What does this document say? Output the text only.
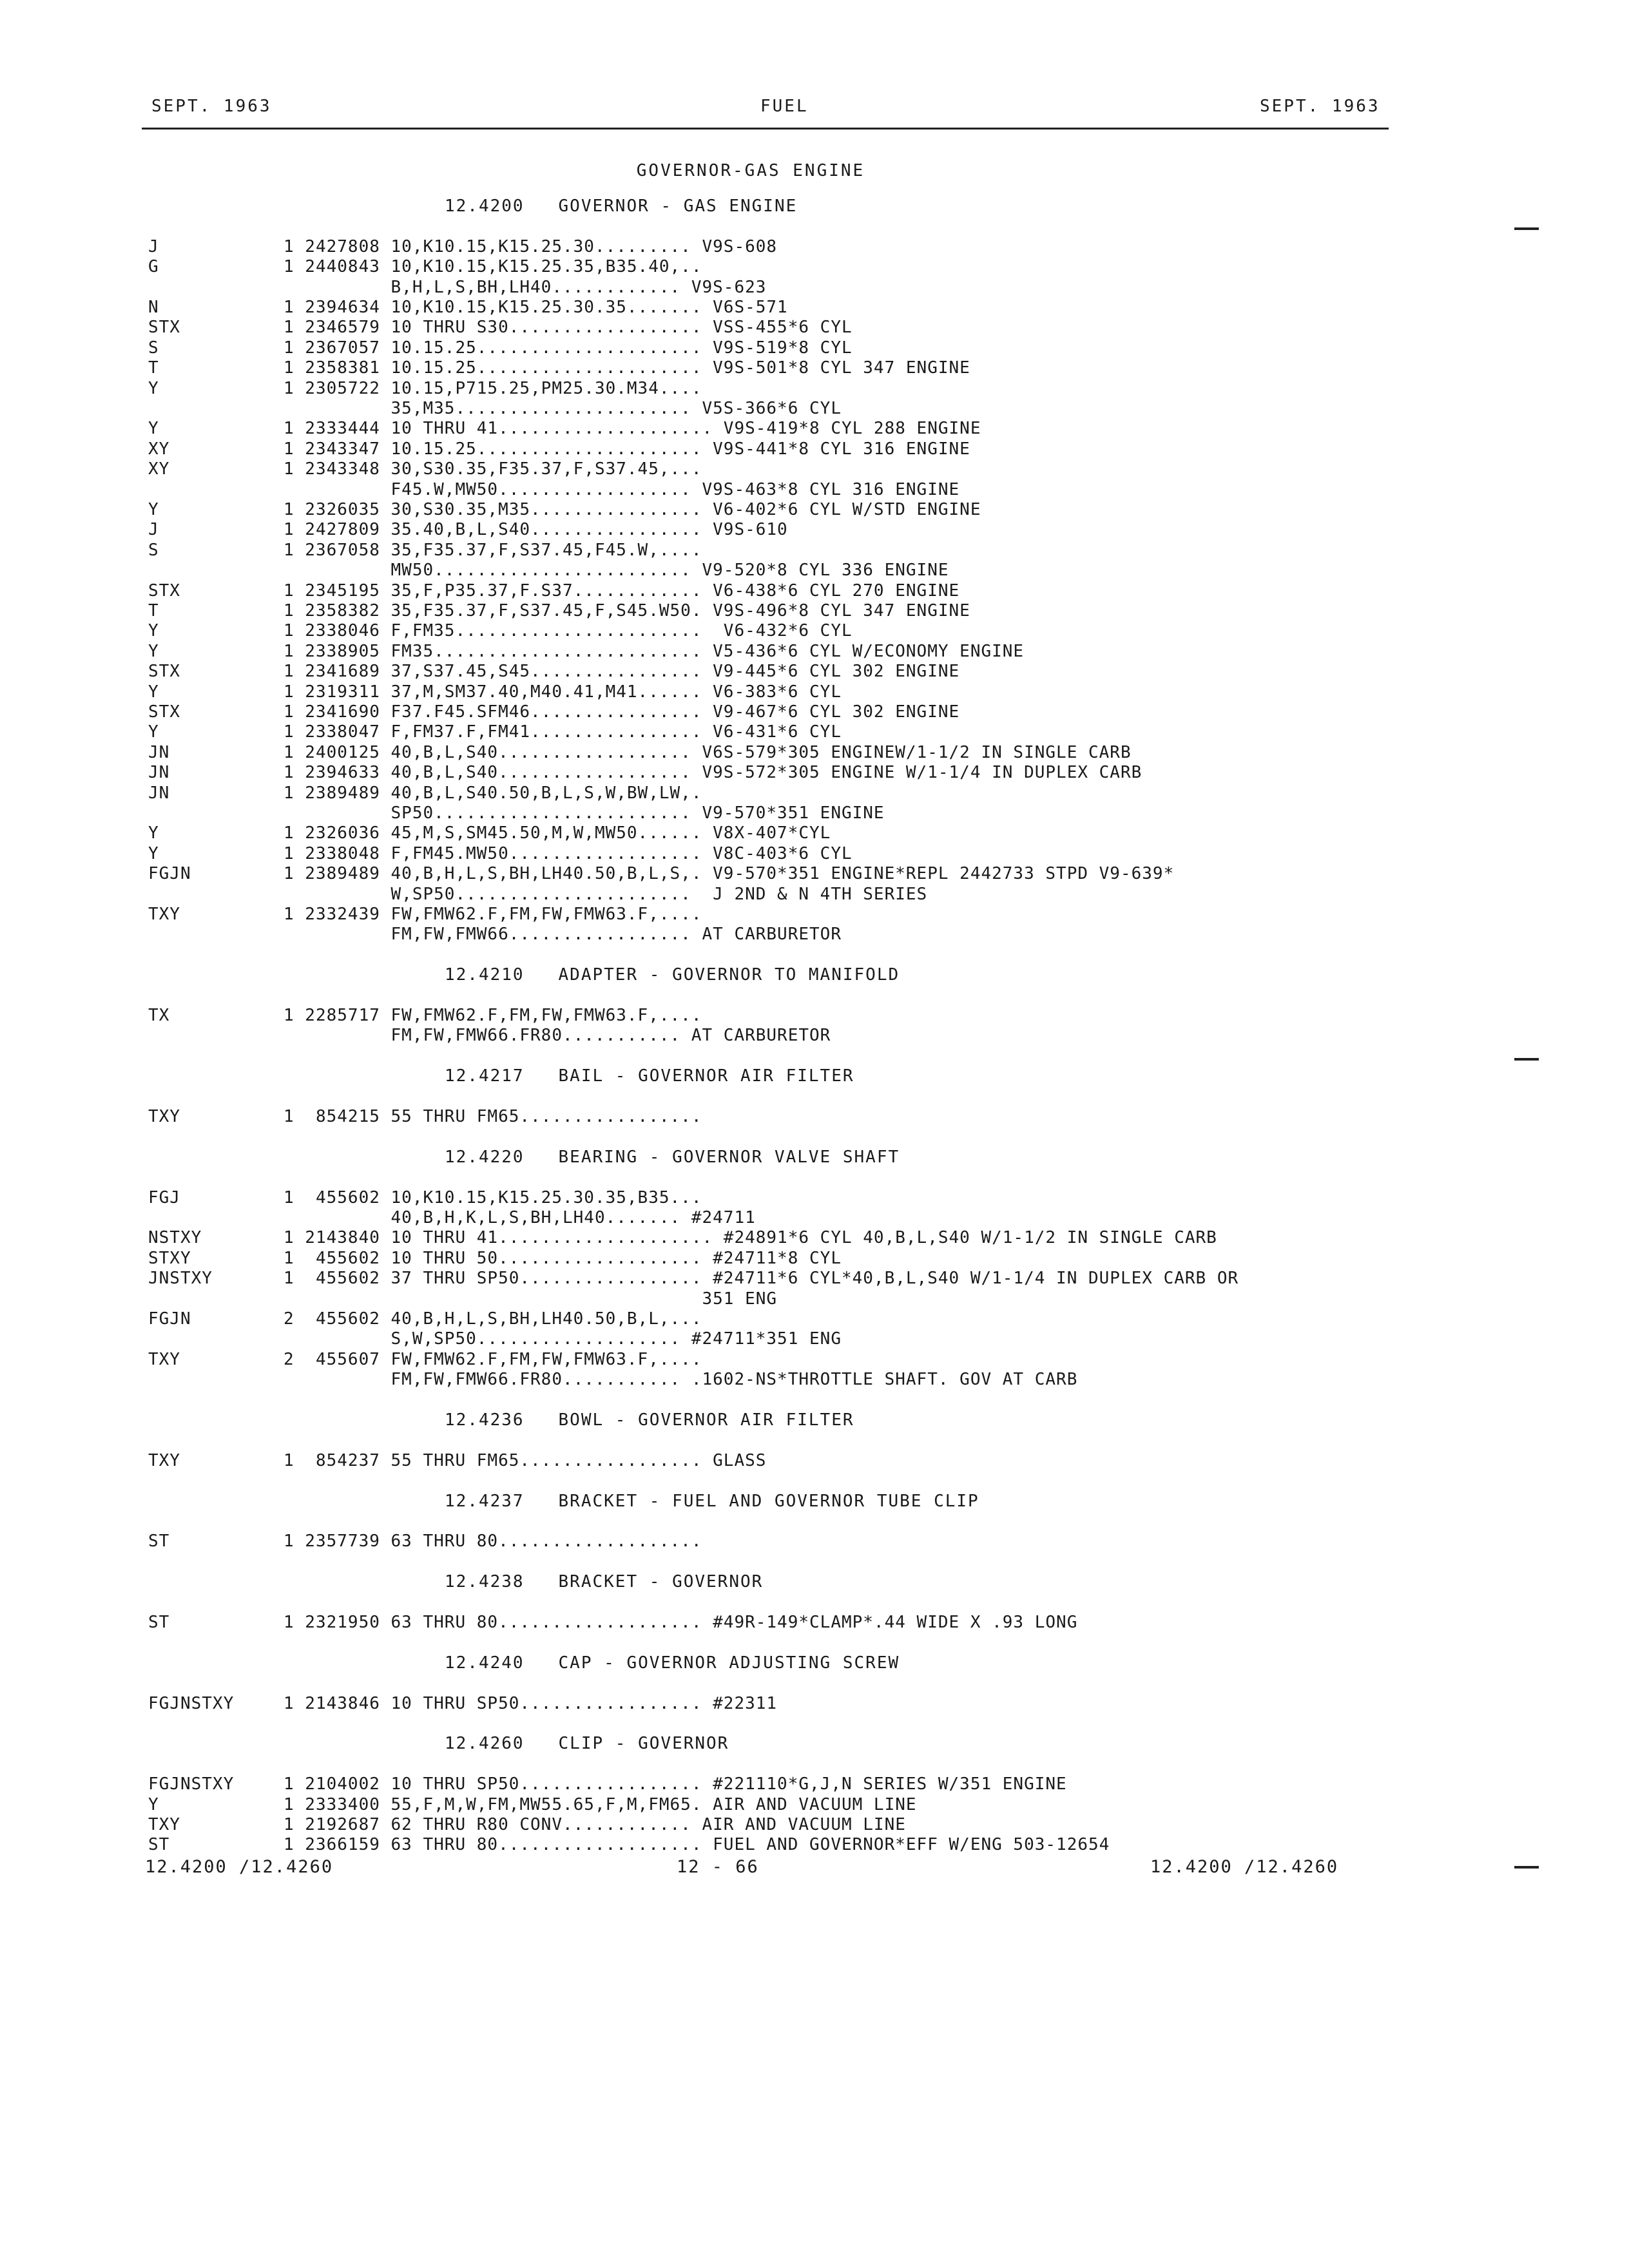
SEPT. 1963	FUEL	SEPT. 1963
GOVERNOR-GAS ENGINE
12.4200   GOVERNOR - GAS ENGINE
J	1 2427808 10,K10.15,K15.25.30......... V9S-608
G	1 2440843 10,K10.15,K15.25.35,B35.40,..
B,H,L,S,BH,LH40............ V9S-623
N	1 2394634 10,K10.15,K15.25.30.35....... V6S-571
STX	1 2346579 10 THRU S30.................. VSS-455*6 CYL
S	1 2367057 10.15.25..................... V9S-519*8 CYL
T	1 2358381 10.15.25..................... V9S-501*8 CYL 347 ENGINE
Y	1 2305722 10.15,P715.25,PM25.30.M34....
35,M35...................... V5S-366*6 CYL
Y	1 2333444 10 THRU 41.................... V9S-419*8 CYL 288 ENGINE
XY	1 2343347 10.15.25..................... V9S-441*8 CYL 316 ENGINE
XY	1 2343348 30,S30.35,F35.37,F,S37.45,...
F45.W,MW50.................. V9S-463*8 CYL 316 ENGINE
Y	1 2326035 30,S30.35,M35................ V6-402*6 CYL W/STD ENGINE
J	1 2427809 35.40,B,L,S40................ V9S-610
S	1 2367058 35,F35.37,F,S37.45,F45.W,....
MW50........................ V9-520*8 CYL 336 ENGINE
STX	1 2345195 35,F,P35.37,F.S37............ V6-438*6 CYL 270 ENGINE
T	1 2358382 35,F35.37,F,S37.45,F,S45.W50. V9S-496*8 CYL 347 ENGINE
Y	1 2338046 F,FM35.......................  V6-432*6 CYL
Y	1 2338905 FM35......................... V5-436*6 CYL W/ECONOMY ENGINE
STX	1 2341689 37,S37.45,S45................ V9-445*6 CYL 302 ENGINE
Y	1 2319311 37,M,SM37.40,M40.41,M41...... V6-383*6 CYL
STX	1 2341690 F37.F45.SFM46................ V9-467*6 CYL 302 ENGINE
Y	1 2338047 F,FM37.F,FM41................ V6-431*6 CYL
JN	1 2400125 40,B,L,S40.................. V6S-579*305 ENGINEW/1-1/2 IN SINGLE CARB
JN	1 2394633 40,B,L,S40.................. V9S-572*305 ENGINE W/1-1/4 IN DUPLEX CARB
JN	1 2389489 40,B,L,S40.50,B,L,S,W,BW,LW,.
SP50........................ V9-570*351 ENGINE
Y	1 2326036 45,M,S,SM45.50,M,W,MW50...... V8X-407*CYL
Y	1 2338048 F,FM45.MW50.................. V8C-403*6 CYL
FGJN	1 2389489 40,B,H,L,S,BH,LH40.50,B,L,S,. V9-570*351 ENGINE*REPL 2442733 STPD V9-639*
W,SP50......................  J 2ND & N 4TH SERIES
TXY	1 2332439 FW,FMW62.F,FM,FW,FMW63.F,....
FM,FW,FMW66................. AT CARBURETOR
12.4210   ADAPTER - GOVERNOR TO MANIFOLD
TX	1 2285717 FW,FMW62.F,FM,FW,FMW63.F,....
FM,FW,FMW66.FR80........... AT CARBURETOR
12.4217   BAIL - GOVERNOR AIR FILTER
TXY	1  854215 55 THRU FM65.................
12.4220   BEARING - GOVERNOR VALVE SHAFT
FGJ	1  455602 10,K10.15,K15.25.30.35,B35...
40,B,H,K,L,S,BH,LH40....... #24711
NSTXY	1 2143840 10 THRU 41.................... #24891*6 CYL 40,B,L,S40 W/1-1/2 IN SINGLE CARB
STXY	1  455602 10 THRU 50................... #24711*8 CYL
JNSTXY	1  455602 37 THRU SP50................. #24711*6 CYL*40,B,L,S40 W/1-1/4 IN DUPLEX CARB OR
351 ENG
FGJN	2  455602 40,B,H,L,S,BH,LH40.50,B,L,...
S,W,SP50................... #24711*351 ENG
TXY	2  455607 FW,FMW62.F,FM,FW,FMW63.F,....
FM,FW,FMW66.FR80........... .1602-NS*THROTTLE SHAFT. GOV AT CARB
12.4236   BOWL - GOVERNOR AIR FILTER
TXY	1  854237 55 THRU FM65................. GLASS
12.4237   BRACKET - FUEL AND GOVERNOR TUBE CLIP
ST	1 2357739 63 THRU 80...................
12.4238   BRACKET - GOVERNOR
ST	1 2321950 63 THRU 80................... #49R-149*CLAMP*.44 WIDE X .93 LONG
12.4240   CAP - GOVERNOR ADJUSTING SCREW
FGJNSTXY	1 2143846 10 THRU SP50................. #22311
12.4260   CLIP - GOVERNOR
FGJNSTXY	1 2104002 10 THRU SP50................. #221110*G,J,N SERIES W/351 ENGINE
Y	1 2333400 55,F,M,W,FM,MW55.65,F,M,FM65. AIR AND VACUUM LINE
TXY	1 2192687 62 THRU R80 CONV............ AIR AND VACUUM LINE
ST	1 2366159 63 THRU 80................... FUEL AND GOVERNOR*EFF W/ENG 503-12654
12.4200 /12.4260	12 - 66	12.4200 /12.4260
